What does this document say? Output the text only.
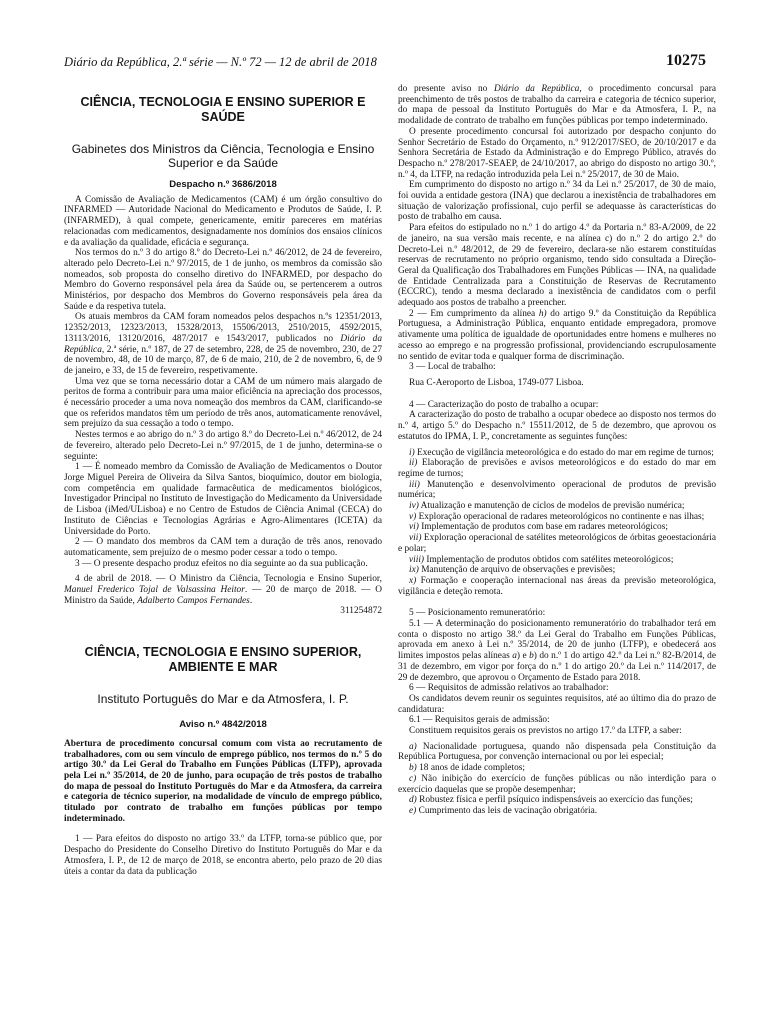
Diário da República, 2.ª série — N.º 72 — 12 de abril de 2018	10275
CIÊNCIA, TECNOLOGIA E ENSINO SUPERIOR E SAÚDE
Gabinetes dos Ministros da Ciência, Tecnologia e Ensino Superior e da Saúde
Despacho n.º 3686/2018

A Comissão de Avaliação de Medicamentos (CAM) é um órgão consultivo do INFARMED — Autoridade Nacional do Medicamento e Produtos de Saúde, I. P. (INFARMED), à qual compete, genericamente, emitir pareceres em matérias relacionadas com medicamentos, designadamente nos domínios dos ensaios clínicos e da avaliação da qualidade, eficácia e segurança.

Nos termos do n.º 3 do artigo 8.º do Decreto-Lei n.º 46/2012, de 24 de fevereiro, alterado pelo Decreto-Lei n.º 97/2015, de 1 de junho, os membros da comissão são nomeados, sob proposta do conselho diretivo do INFARMED, por despacho do Membro do Governo responsável pela área da Saúde ou, se pertencerem a outros Ministérios, por despacho dos Membros do Governo responsáveis pela área da Saúde e da respetiva tutela.

Os atuais membros da CAM foram nomeados pelos despachos n.ºs 12351/2013, 12352/2013, 12323/2013, 15328/2013, 15506/2013, 2510/2015, 4592/2015, 13113/2016, 13120/2016, 487/2017 e 1543/2017, publicados no Diário da República, 2.ª série, n.º 187, de 27 de setembro, 228, de 25 de novembro, 230, de 27 de novembro, 48, de 10 de março, 87, de 6 de maio, 210, de 2 de novembro, 6, de 9 de janeiro, e 33, de 15 de fevereiro, respetivamente.

Uma vez que se torna necessário dotar a CAM de um número mais alargado de peritos de forma a contribuir para uma maior eficiência na apreciação dos processos, é necessário proceder a uma nova nomeação dos membros da CAM, clarificando-se que os referidos mandatos têm um período de três anos, automaticamente renovável, sem prejuízo da sua cessação a todo o tempo.

Nestes termos e ao abrigo do n.º 3 do artigo 8.º do Decreto-Lei n.º 46/2012, de 24 de fevereiro, alterado pelo Decreto-Lei n.º 97/2015, de 1 de junho, determina-se o seguinte:

1 — É nomeado membro da Comissão de Avaliação de Medicamentos o Doutor Jorge Miguel Pereira de Oliveira da Silva Santos, bioquímico, doutor em biologia, com competência em qualidade farmacêutica de medicamentos biológicos, Investigador Principal no Instituto de Investigação do Medicamento da Universidade de Lisboa (iMed/ULisboa) e no Centro de Estudos de Ciência Animal (CECA) do Instituto de Ciências e Tecnologias Agrárias e Agro-Alimentares (ICETA) da Universidade do Porto.

2 — O mandato dos membros da CAM tem a duração de três anos, renovado automaticamente, sem prejuízo de o mesmo poder cessar a todo o tempo.

3 — O presente despacho produz efeitos no dia seguinte ao da sua publicação.

4 de abril de 2018. — O Ministro da Ciência, Tecnologia e Ensino Superior, Manuel Frederico Tojal de Valsassina Heitor. — 20 de março de 2018. — O Ministro da Saúde, Adalberto Campos Fernandes.

311254872

CIÊNCIA, TECNOLOGIA E ENSINO SUPERIOR, AMBIENTE E MAR
Instituto Português do Mar e da Atmosfera, I. P.
Aviso n.º 4842/2018

Abertura de procedimento concursal comum com vista ao recrutamento de trabalhadores, com ou sem vínculo de emprego público, nos termos do n.º 5 do artigo 30.º da Lei Geral do Trabalho em Funções Públicas (LTFP), aprovada pela Lei n.º 35/2014, de 20 de junho, para ocupação de três postos de trabalho do mapa de pessoal do Instituto Português do Mar e da Atmosfera, da carreira e categoria de técnico superior, na modalidade de vínculo de emprego público, titulado por contrato de trabalho em funções públicas por tempo indeterminado.

1 — Para efeitos do disposto no artigo 33.º da LTFP, torna-se público que, por Despacho do Presidente do Conselho Diretivo do Instituto Português do Mar e da Atmosfera, I. P., de 12 de março de 2018, se encontra aberto, pelo prazo de 20 dias úteis a contar da data da publicação

do presente aviso no Diário da República, o procedimento concursal para preenchimento de três postos de trabalho da carreira e categoria de técnico superior, do mapa de pessoal da Instituto Português do Mar e da Atmosfera, I. P., na modalidade de contrato de trabalho em funções públicas por tempo indeterminado.

O presente procedimento concursal foi autorizado por despacho conjunto do Senhor Secretário de Estado do Orçamento, n.º 912/2017/SEO, de 20/10/2017 e da Senhora Secretária de Estado da Administração e do Emprego Público, através do Despacho n.º 278/2017-SEAEP, de 24/10/2017, ao abrigo do disposto no artigo 30.º, n.º 4, da LTFP, na redação introduzida pela Lei n.º 25/2017, de 30 de Maio.

Em cumprimento do disposto no artigo n.º 34 da Lei n.º 25/2017, de 30 de maio, foi ouvida a entidade gestora (INA) que declarou a inexistência de trabalhadores em situação de valorização profissional, cujo perfil se adequasse às características do posto de trabalho em causa.

Para efeitos do estipulado no n.º 1 do artigo 4.º da Portaria n.º 83-A/2009, de 22 de janeiro, na sua versão mais recente, e na alínea c) do n.º 2 do artigo 2.º do Decreto-Lei n.º 48/2012, de 29 de fevereiro, declara-se não estarem constituídas reservas de recrutamento no próprio organismo, tendo sido consultada a Direção-Geral da Qualificação dos Trabalhadores em Funções Públicas — INA, na qualidade de Entidade Centralizada para a Constituição de Reservas de Recrutamento (ECCRC), tendo a mesma declarado a inexistência de candidatos com o perfil adequado aos postos de trabalho a preencher.

2 — Em cumprimento da alínea h) do artigo 9.º da Constituição da República Portuguesa, a Administração Pública, enquanto entidade empregadora, promove ativamente uma política de igualdade de oportunidades entre homens e mulheres no acesso ao emprego e na progressão profissional, providenciando escrupulosamente no sentido de evitar toda e qualquer forma de discriminação.

3 — Local de trabalho:

Rua C-Aeroporto de Lisboa, 1749-077 Lisboa.

4 — Caracterização do posto de trabalho a ocupar:

A caracterização do posto de trabalho a ocupar obedece ao disposto nos termos do n.º 4, artigo 5.º do Despacho n.º 15511/2012, de 5 de dezembro, que aprovou os estatutos do IPMA, I. P., concretamente as seguintes funções:

i) Execução de vigilância meteorológica e do estado do mar em regime de turnos;

ii) Elaboração de previsões e avisos meteorológicos e do estado do mar em regime de turnos;

iii) Manutenção e desenvolvimento operacional de produtos de previsão numérica;

iv) Atualização e manutenção de ciclos de modelos de previsão numérica;

v) Exploração operacional de radares meteorológicos no continente e nas ilhas;

vi) Implementação de produtos com base em radares meteorológicos;

vii) Exploração operacional de satélites meteorológicos de órbitas geoestacionária e polar;

viii) Implementação de produtos obtidos com satélites meteorológicos;

ix) Manutenção de arquivo de observações e previsões;

x) Formação e cooperação internacional nas áreas da previsão meteorológica, vigilância e deteção remota.

5 — Posicionamento remuneratório:

5.1 — A determinação do posicionamento remuneratório do trabalhador terá em conta o disposto no artigo 38.º da Lei Geral do Trabalho em Funções Públicas, aprovada em anexo à Lei n.º 35/2014, de 20 de junho (LTFP), e obedecerá aos limites impostos pelas alíneas a) e b) do n.º 1 do artigo 42.º da Lei n.º 82-B/2014, de 31 de dezembro, em vigor por força do n.º 1 do artigo 20.º da Lei n.º 114/2017, de 29 de dezembro, que aprovou o Orçamento de Estado para 2018.

6 — Requisitos de admissão relativos ao trabalhador:

Os candidatos devem reunir os seguintes requisitos, até ao último dia do prazo de candidatura:

6.1 — Requisitos gerais de admissão:

Constituem requisitos gerais os previstos no artigo 17.º da LTFP, a saber:

a) Nacionalidade portuguesa, quando não dispensada pela Constituição da República Portuguesa, por convenção internacional ou por lei especial;

b) 18 anos de idade completos;

c) Não inibição do exercício de funções públicas ou não interdição para o exercício daquelas que se propõe desempenhar;

d) Robustez física e perfil psíquico indispensáveis ao exercício das funções;

e) Cumprimento das leis de vacinação obrigatória.
